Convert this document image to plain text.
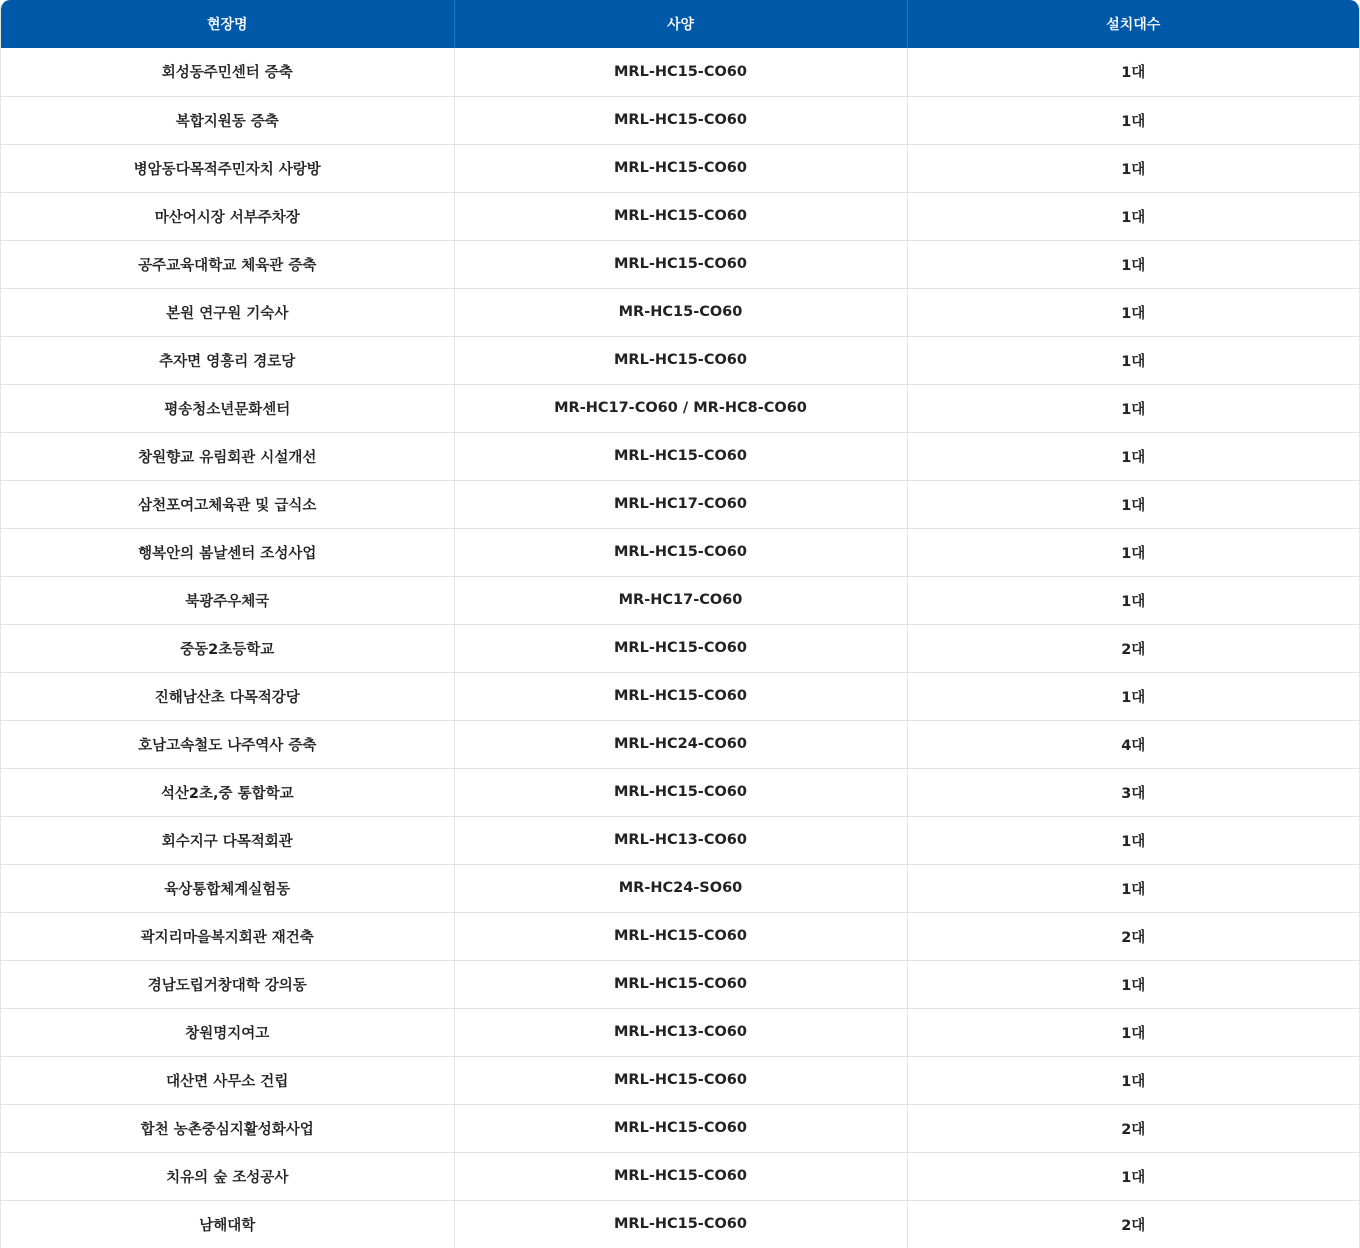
현장명	사양	설치대수
회성동주민센터 증축	MRL-HC15-CO60	1대
복합지원동 증축	MRL-HC15-CO60	1대
병암동다목적주민자치 사랑방	MRL-HC15-CO60	1대
마산어시장 서부주차장	MRL-HC15-CO60	1대
공주교육대학교 체육관 증축	MRL-HC15-CO60	1대
본원 연구원 기숙사	MR-HC15-CO60	1대
추자면 영흥리 경로당	MRL-HC15-CO60	1대
평송청소년문화센터	MR-HC17-CO60 / MR-HC8-CO60	1대
창원향교 유림회관 시설개선	MRL-HC15-CO60	1대
삼천포여고체육관 및 급식소	MRL-HC17-CO60	1대
행복안의 봄날센터 조성사업	MRL-HC15-CO60	1대
북광주우체국	MR-HC17-CO60	1대
중동2초등학교	MRL-HC15-CO60	2대
진해남산초 다목적강당	MRL-HC15-CO60	1대
호남고속철도 나주역사 증축	MRL-HC24-CO60	4대
석산2초,중 통합학교	MRL-HC15-CO60	3대
회수지구 다목적회관	MRL-HC13-CO60	1대
육상통합체계실험동	MR-HC24-SO60	1대
곽지리마을복지회관 재건축	MRL-HC15-CO60	2대
경남도립거창대학 강의동	MRL-HC15-CO60	1대
창원명지여고	MRL-HC13-CO60	1대
대산면 사무소 건립	MRL-HC15-CO60	1대
합천 농촌중심지활성화사업	MRL-HC15-CO60	2대
치유의 숲 조성공사	MRL-HC15-CO60	1대
남해대학	MRL-HC15-CO60	2대
